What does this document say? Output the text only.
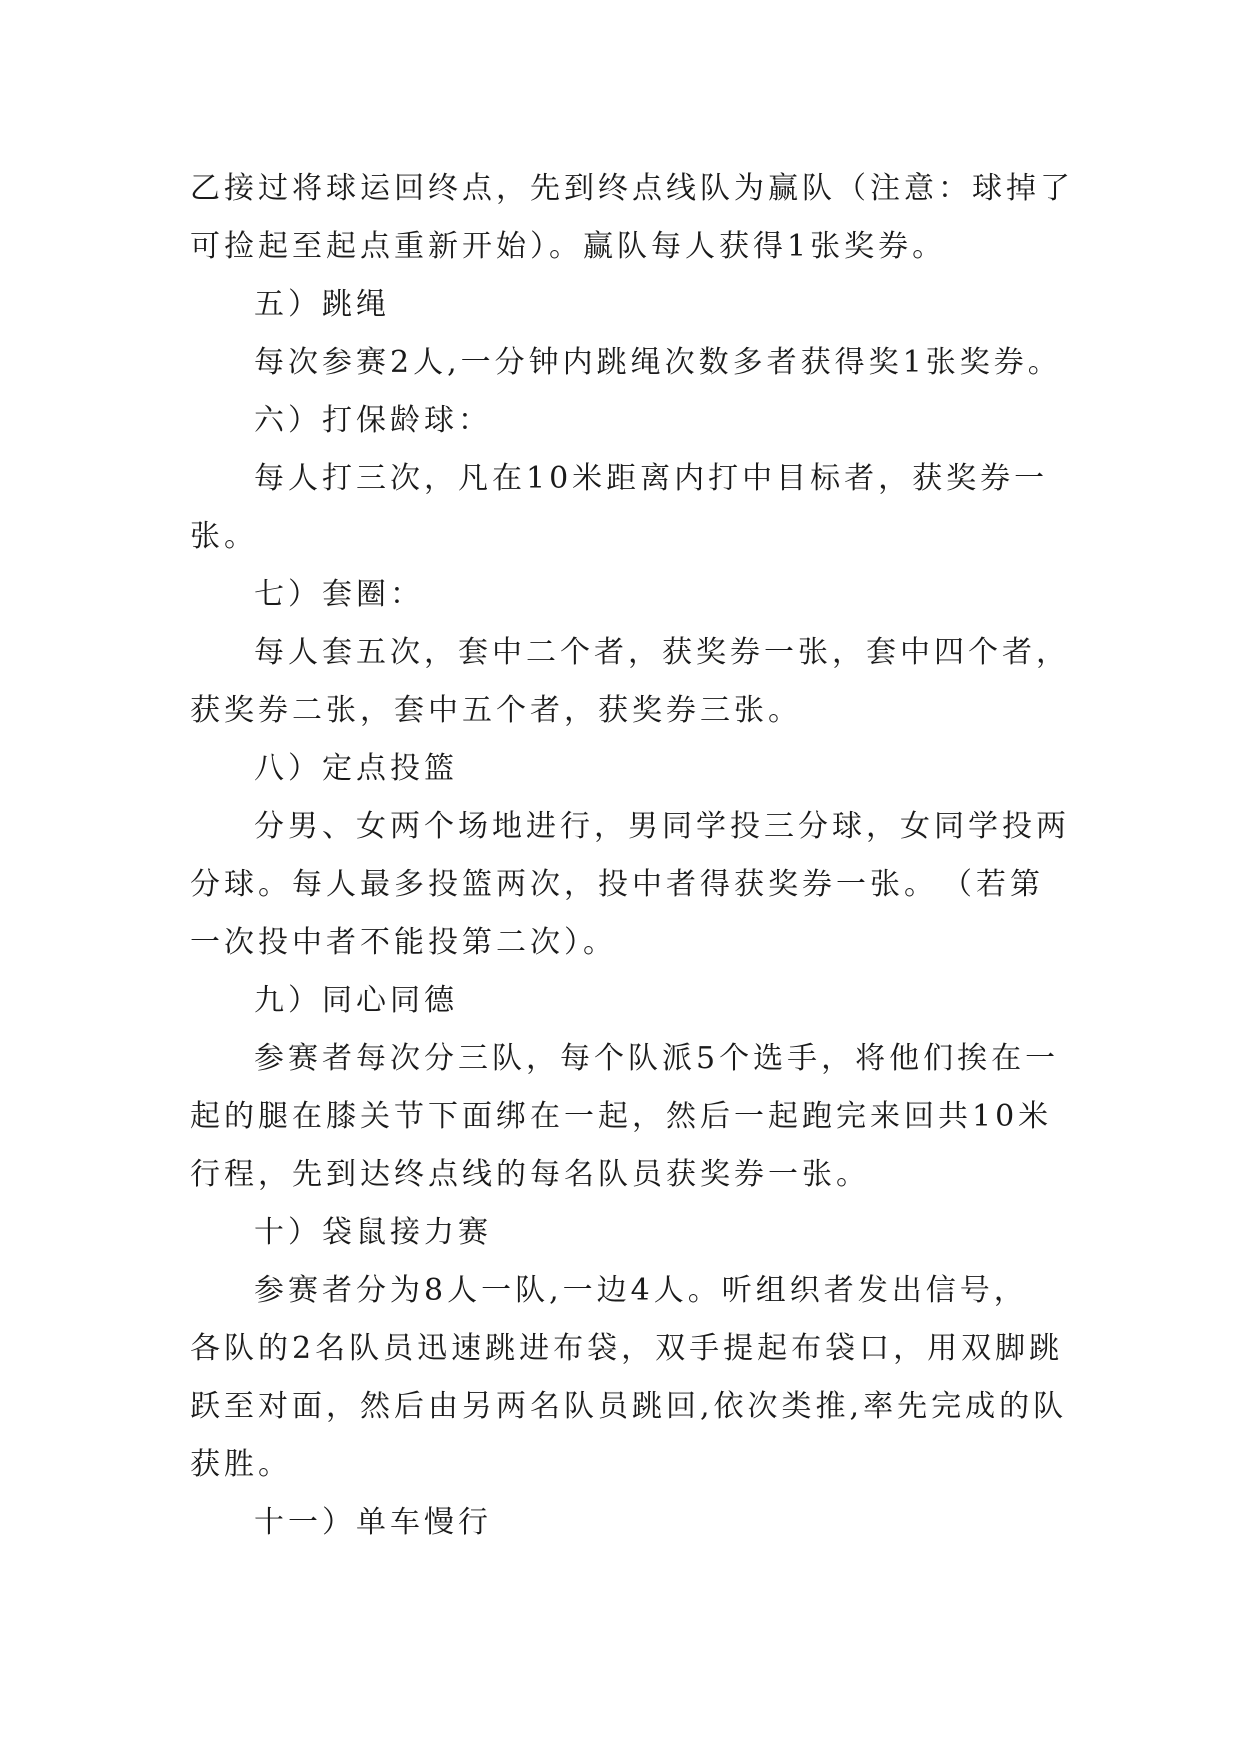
乙接过将球运回终点，先到终点线队为赢队（注意：球掉了
可捡起至起点重新开始）。赢队每人获得1张奖券。
五）跳绳
每次参赛2人,一分钟内跳绳次数多者获得奖1张奖券。
六）打保龄球：
每人打三次，凡在10米距离内打中目标者，获奖券一
张。
七）套圈：
每人套五次，套中二个者，获奖券一张，套中四个者，
获奖券二张，套中五个者，获奖券三张。
八）定点投篮
分男、女两个场地进行，男同学投三分球，女同学投两
分球。每人最多投篮两次，投中者得获奖券一张。　（若第
一次投中者不能投第二次）。
九）同心同德
参赛者每次分三队，每个队派5个选手，将他们挨在一
起的腿在膝关节下面绑在一起，然后一起跑完来回共10米
行程，先到达终点线的每名队员获奖券一张。
十）袋鼠接力赛
参赛者分为8人一队,一边4人。听组织者发出信号，
各队的2名队员迅速跳进布袋，双手提起布袋口，用双脚跳
跃至对面，然后由另两名队员跳回,依次类推,率先完成的队
获胜。
十一）单车慢行
